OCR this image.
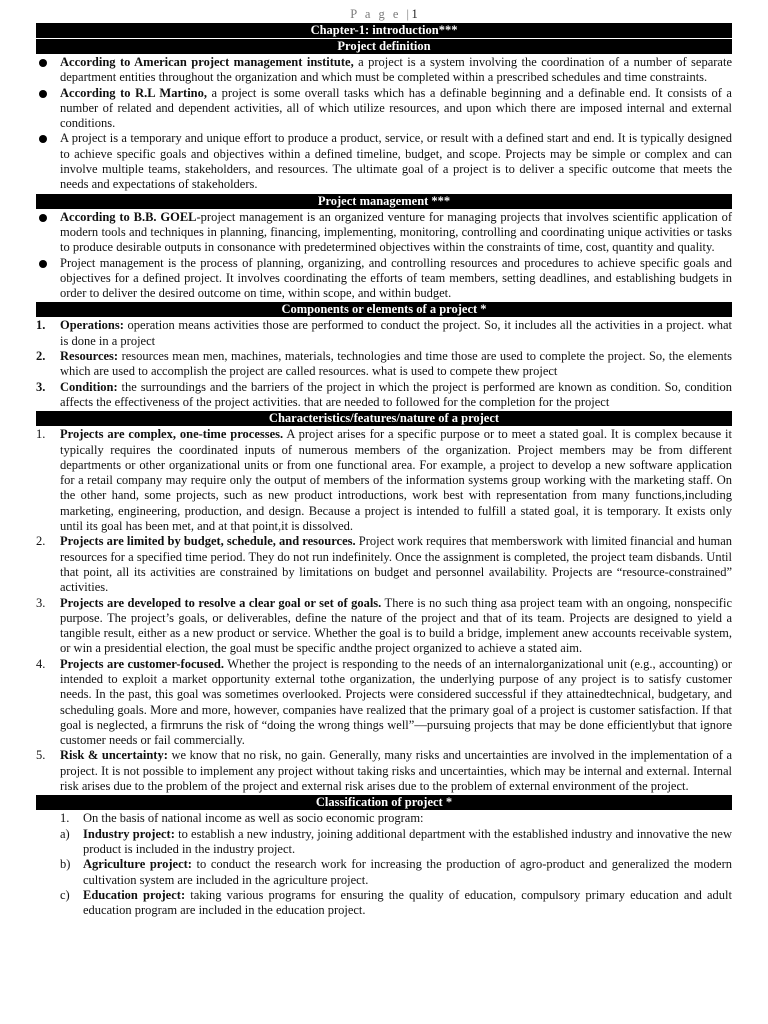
P a g e |1
Chapter-1: introduction***
Project definition
According to American project management institute, a project is a system involving the coordination of a number of separate department entities throughout the organization and which must be completed within a prescribed schedules and time constraints.
According to R.L Martino, a project is some overall tasks which has a definable beginning and a definable end. It consists of a number of related and dependent activities, all of which utilize resources, and upon which there are imposed internal and external conditions.
A project is a temporary and unique effort to produce a product, service, or result with a defined start and end. It is typically designed to achieve specific goals and objectives within a defined timeline, budget, and scope. Projects may be simple or complex and can involve multiple teams, stakeholders, and resources. The ultimate goal of a project is to deliver a specific outcome that meets the needs and expectations of stakeholders.
Project management ***
According to B.B. GOEL-project management is an organized venture for managing projects that involves scientific application of modern tools and techniques in planning, financing, implementing, monitoring, controlling and coordinating unique activities or tasks to produce desirable outputs in consonance with predetermined objectives within the constraints of time, cost, quantity and quality.
Project management is the process of planning, organizing, and controlling resources and procedures to achieve specific goals and objectives for a defined project. It involves coordinating the efforts of team members, setting deadlines, and establishing budgets in order to deliver the desired outcome on time, within scope, and within budget.
Components or elements of a project *
1.	Operations: operation means activities those are performed to conduct the project. So, it includes all the activities in a project. what is done in a project
2.	Resources: resources mean men, machines, materials, technologies and time those are used to complete the project. So, the elements which are used to accomplish the project are called resources. what is used to compete thew project
3.	Condition: the surroundings and the barriers of the project in which the project is performed are known as condition. So, condition affects the effectiveness of the project activities. that are needed to followed for the completion for the project
Characteristics/features/nature of a project
1.	Projects are complex, one-time processes. A project arises for a specific purpose or to meet a stated goal. It is complex because it typically requires the coordinated inputs of numerous members of the organization. Project members may be from different departments or other organizational units or from one functional area. For example, a project to develop a new software application for a retail company may require only the output of members of the information systems group working with the marketing staff. On the other hand, some projects, such as new product introductions, work best with representation from many functions,including marketing, engineering, production, and design. Because a project is intended to fulfill a stated goal, it is temporary. It exists only until its goal has been met, and at that point,it is dissolved.
2.	Projects are limited by budget, schedule, and resources. Project work requires that memberswork with limited financial and human resources for a specified time period. They do not run indefinitely. Once the assignment is completed, the project team disbands. Until that point, all its activities are constrained by limitations on budget and personnel availability. Projects are “resource-constrained” activities.
3.	Projects are developed to resolve a clear goal or set of goals. There is no such thing asa project team with an ongoing, nonspecific purpose. The project’s goals, or deliverables, define the nature of the project and that of its team. Projects are designed to yield a tangible result, either as a new product or service. Whether the goal is to build a bridge, implement anew accounts receivable system, or win a presidential election, the goal must be specific andthe project organized to achieve a stated aim.
4.	Projects are customer-focused. Whether the project is responding to the needs of an internalorganizational unit (e.g., accounting) or intended to exploit a market opportunity external tothe organization, the underlying purpose of any project is to satisfy customer needs. In the past, this goal was sometimes overlooked. Projects were considered successful if they attainedtechnical, budgetary, and scheduling goals. More and more, however, companies have realized that the primary goal of a project is customer satisfaction. If that goal is neglected, a firmruns the risk of “doing the wrong things well”—pursuing projects that may be done efficientlybut that ignore customer needs or fail commercially.
5.	Risk & uncertainty: we know that no risk, no gain. Generally, many risks and uncertainties are involved in the implementation of a project. It is not possible to implement any project without taking risks and uncertainties, which may be internal and external. Internal risk arises due to the problem of the project and external risk arises due to the problem of external environment of the project.
Classification of project *
1.	On the basis of national income as well as socio economic program:
a)	Industry project: to establish a new industry, joining additional department with the established industry and innovative the new product is included in the industry project.
b)	Agriculture project: to conduct the research work for increasing the production of agro-product and generalized the modern cultivation system are included in the agriculture project.
c)	Education project: taking various programs for ensuring the quality of education, compulsory primary education and adult education program are included in the education project.
